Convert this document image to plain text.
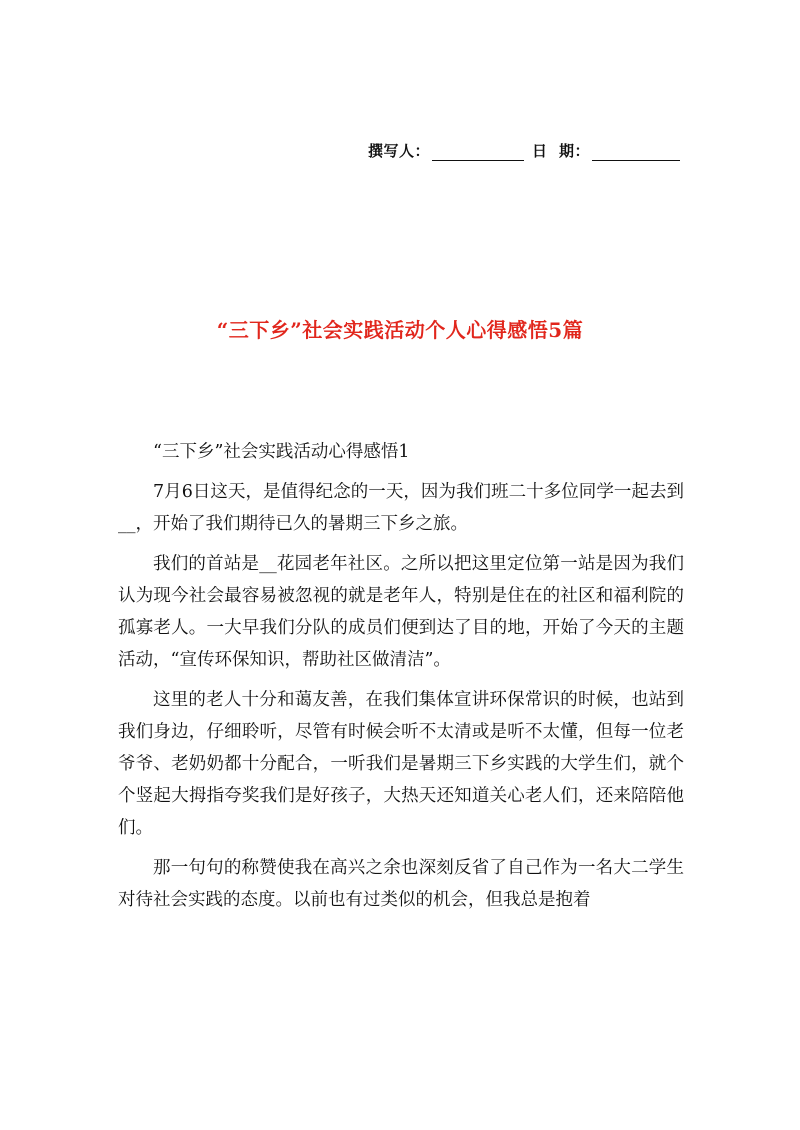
撰写人：	日  期：
“三下乡”社会实践活动个人心得感悟5篇

“三下乡”社会实践活动心得感悟1

7月6日这天，是值得纪念的一天，因为我们班二十多位同学一起去到__，开始了我们期待已久的暑期三下乡之旅。

我们的首站是__花园老年社区。之所以把这里定位第一站是因为我们认为现今社会最容易被忽视的就是老年人，特别是住在的社区和福利院的孤寡老人。一大早我们分队的成员们便到达了目的地，开始了今天的主题活动，“宣传环保知识，帮助社区做清洁”。

这里的老人十分和蔼友善，在我们集体宣讲环保常识的时候，也站到我们身边，仔细聆听，尽管有时候会听不太清或是听不太懂，但每一位老爷爷、老奶奶都十分配合，一听我们是暑期三下乡实践的大学生们，就个个竖起大拇指夸奖我们是好孩子，大热天还知道关心老人们，还来陪陪他们。

那一句句的称赞使我在高兴之余也深刻反省了自己作为一名大二学生对待社会实践的态度。以前也有过类似的机会，但我总是抱着
